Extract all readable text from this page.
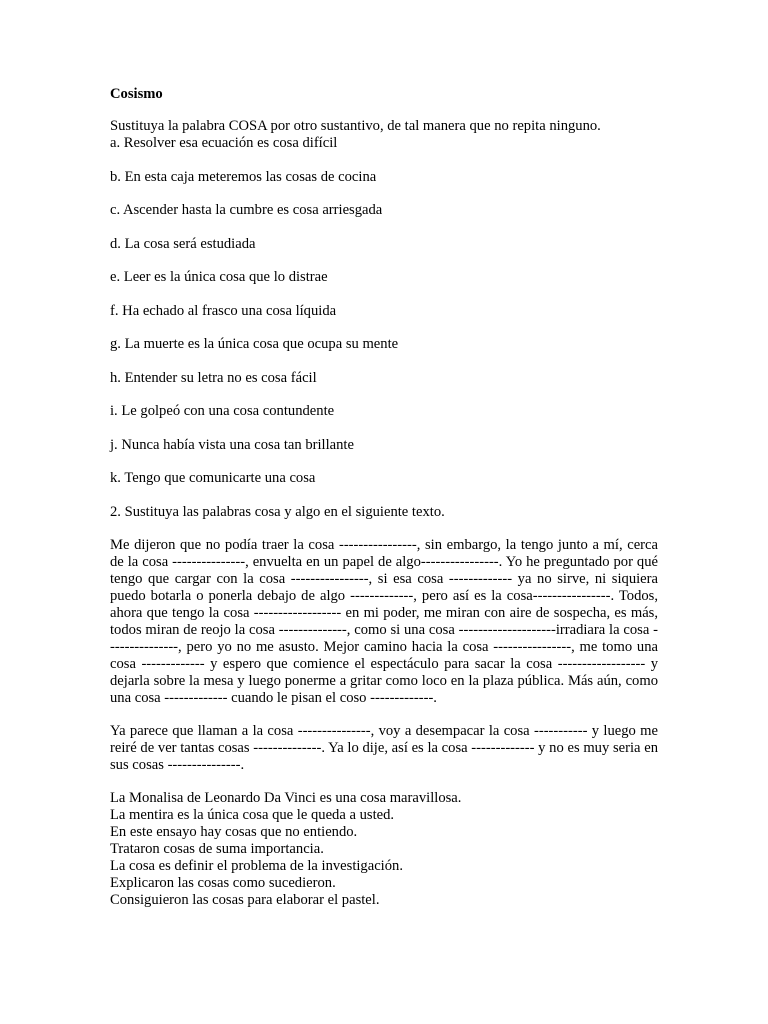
Cosismo

Sustituya la palabra COSA por otro sustantivo, de tal manera que no repita ninguno.

a. Resolver esa ecuación es cosa difícil

b. En esta caja meteremos las cosas de cocina

c. Ascender hasta la cumbre es cosa arriesgada

d. La cosa será estudiada

e. Leer es la única cosa que lo distrae

f. Ha echado al frasco una cosa líquida

g. La muerte es la única cosa que ocupa su mente

h. Entender su letra no es cosa fácil

i. Le golpeó con una cosa contundente

j. Nunca había vista una cosa tan brillante

k. Tengo que comunicarte una cosa

2. Sustituya las palabras cosa y algo en el siguiente texto.

Me dijeron que no podía traer la cosa ----------------, sin embargo, la tengo junto a mí, cerca de la cosa ---------------, envuelta en un papel de algo----------------. Yo he preguntado por qué tengo que cargar con la cosa ----------------, si esa cosa ------------- ya no sirve, ni siquiera puedo botarla o ponerla debajo de algo -------------, pero así es la cosa----------------. Todos, ahora que tengo la cosa ------------------ en mi poder, me miran con aire de sospecha, es más, todos miran de reojo la cosa --------------, como si una cosa --------------------irradiara la cosa ---------------, pero yo no me asusto. Mejor camino hacia la cosa ----------------, me tomo una cosa ------------- y espero que comience el espectáculo para sacar la cosa ------------------ y dejarla sobre la mesa y luego ponerme a gritar como loco en la plaza pública. Más aún, como una cosa ------------- cuando le pisan el coso -------------.

Ya parece que llaman a la cosa ---------------, voy a desempacar la cosa ----------- y luego me reiré de ver tantas cosas --------------. Ya lo dije, así es la cosa ------------- y no es muy seria en sus cosas ---------------.

La Monalisa de Leonardo Da Vinci es una cosa maravillosa.

La mentira es la única cosa que le queda a usted.

En este ensayo hay cosas que no entiendo.

Trataron cosas de suma importancia.

La cosa es definir el problema de la investigación.

Explicaron las cosas como sucedieron.

Consiguieron las cosas para elaborar el pastel.
